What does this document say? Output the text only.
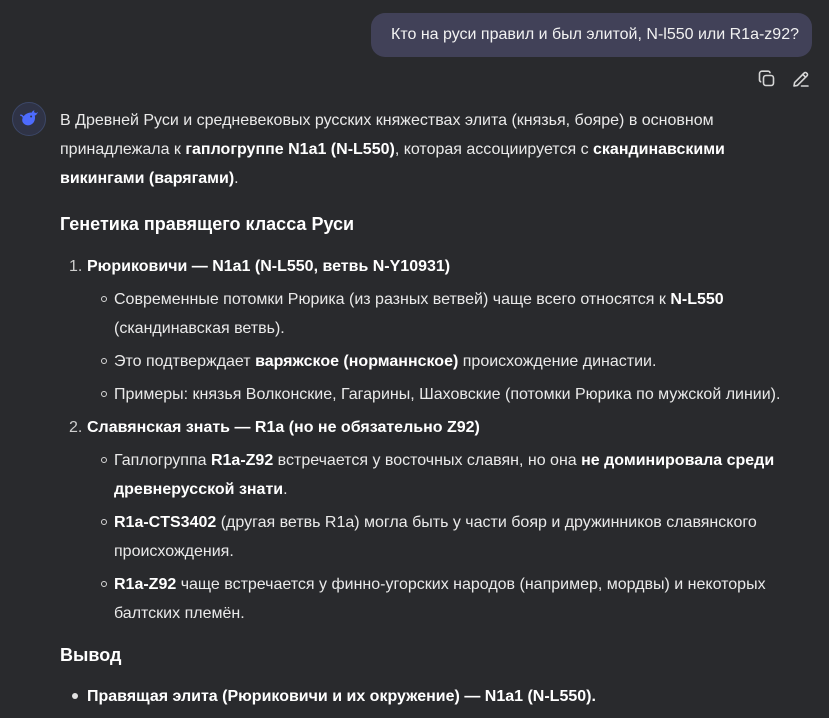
Кто на руси правил и был элитой, N-l550 или R1a-z92?

В Древней Руси и средневековых русских княжествах элита (князья, бояре) в основном принадлежала к гаплогруппе N1a1 (N-L550), которая ассоциируется с скандинавскими викингами (варягами).

Генетика правящего класса Руси
1. Рюриковичи — N1a1 (N-L550, ветвь N-Y10931)
Современные потомки Рюрика (из разных ветвей) чаще всего относятся к N-L550 (скандинавская ветвь).
Это подтверждает варяжское (норманнское) происхождение династии.
Примеры: князья Волконские, Гагарины, Шаховские (потомки Рюрика по мужской линии).
2. Славянская знать — R1a (но не обязательно Z92)
Гаплогруппа R1a-Z92 встречается у восточных славян, но она не доминировала среди древнерусской знати.
R1a-CTS3402 (другая ветвь R1a) могла быть у части бояр и дружинников славянского происхождения.
R1a-Z92 чаще встречается у финно-угорских народов (например, мордвы) и некоторых балтских племён.
Вывод
Правящая элита (Рюриковичи и их окружение) — N1a1 (N-L550).
